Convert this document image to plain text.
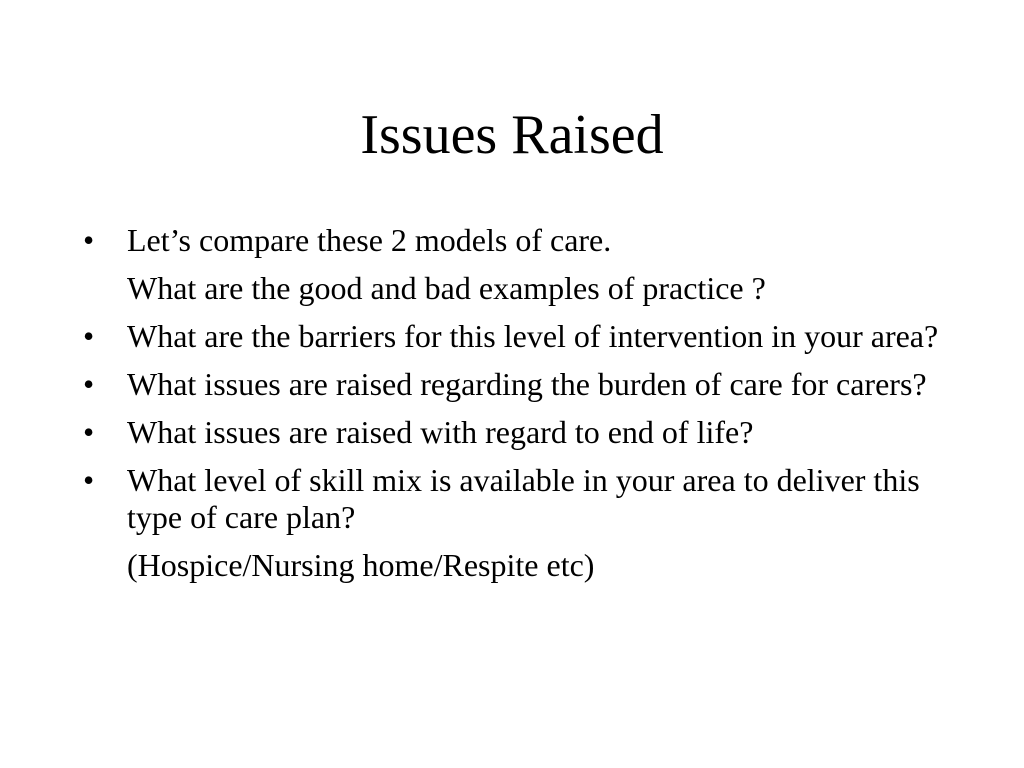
Issues Raised
•	Let’s compare these 2 models of care.
What are the good and bad examples of practice ?
•	What are the barriers for this level of intervention in your area?
•	What issues are raised regarding the burden of care for carers?
•	What issues are raised with regard to end of life?
•	What level of skill mix is available in your area to deliver this type of care plan?
(Hospice/Nursing home/Respite etc)
